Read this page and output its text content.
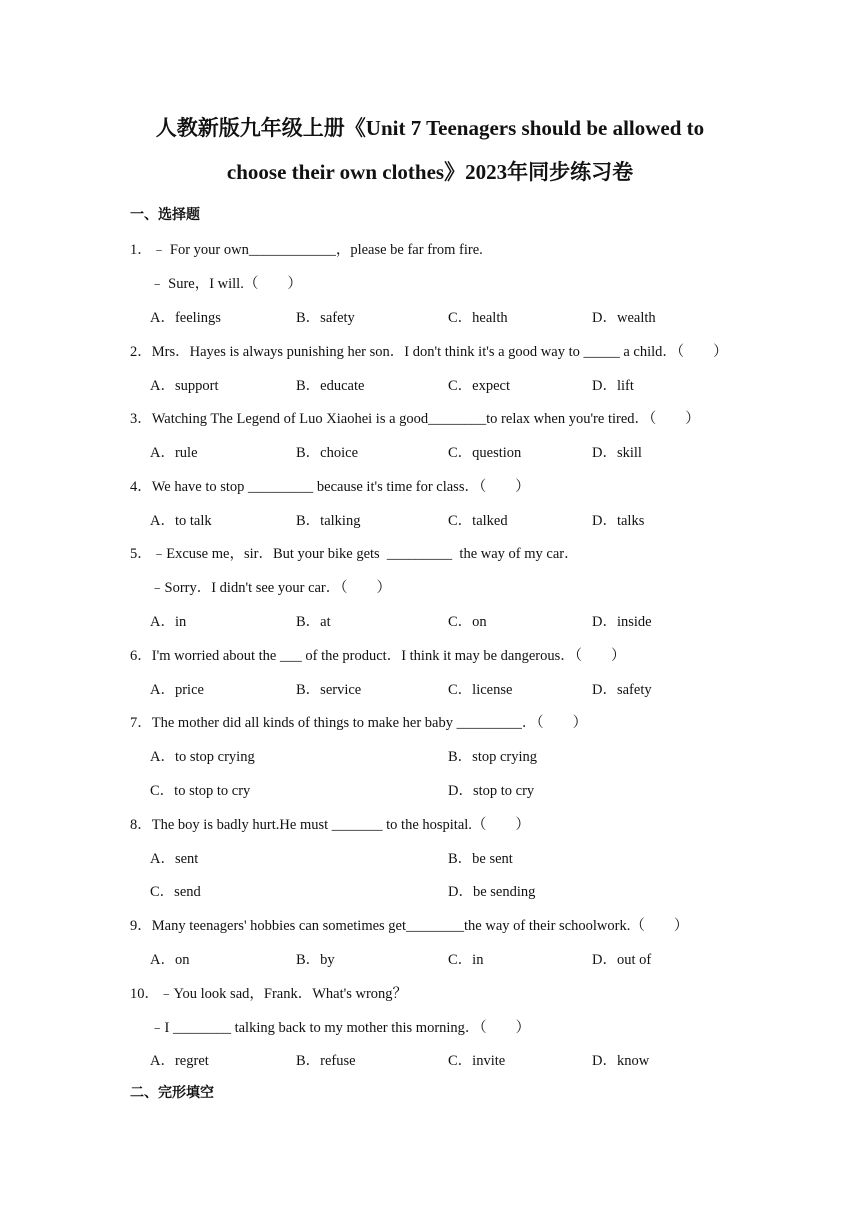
人教新版九年级上册《Unit 7 Teenagers should be allowed to
choose their own clothes》2023年同步练习卷
一、选择题
1．﹣ For your own____________，please be far from fire.
﹣ Sure，I will.（　　）
A．feelings	B．safety	C．health	D．wealth
2．Mrs．Hayes is always punishing her son．I don't think it's a good way to _____ a child．（　　）
A．support	B．educate	C．expect	D．lift
3．Watching The Legend of Luo Xiaohei is a good________to relax when you're tired．（　　）
A．rule	B．choice	C．question	D．skill
4．We have to stop _________ because it's time for class．（　　）
A．to talk	B．talking	C．talked	D．talks
5．﹣Excuse me，sir．But your bike gets  _________  the way of my car．
﹣Sorry．I didn't see your car．（　　）
A．in	B．at	C．on	D．inside
6．I'm worried about the ___ of the product．I think it may be dangerous．（　　）
A．price	B．service	C．license	D．safety
7．The mother did all kinds of things to make her baby _________．（　　）
A．to stop crying	B．stop crying
C．to stop to cry	D．stop to cry
8．The boy is badly hurt.He must _______ to the hospital.（　　）
A．sent	B．be sent
C．send	D．be sending
9．Many teenagers' hobbies can sometimes get________the way of their schoolwork.（　　）
A．on	B．by	C．in	D．out of
10．﹣You look sad，Frank．What's wrong？
﹣I ________ talking back to my mother this morning．（　　）
A．regret	B．refuse	C．invite	D．know
二、完形填空
